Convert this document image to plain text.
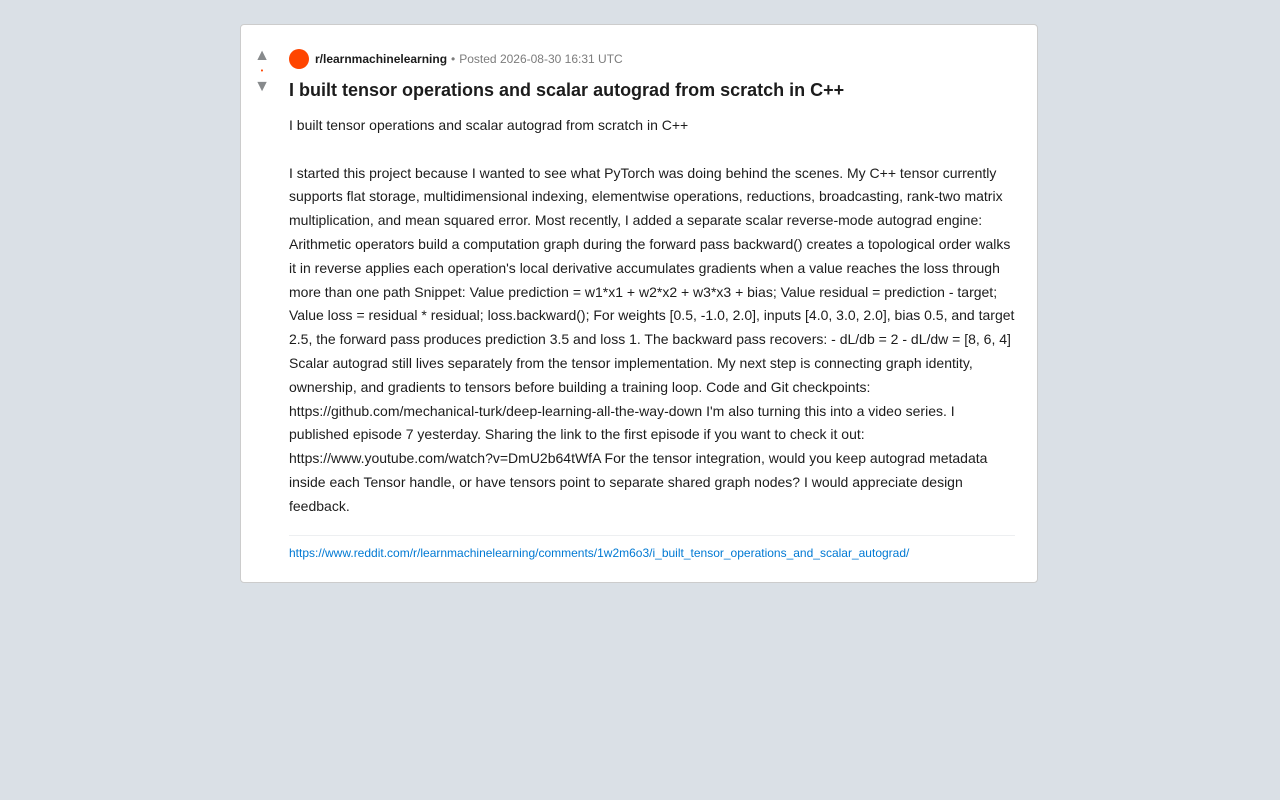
▲
•
▼
r/learnmachinelearning • Posted 2026-08-30 16:31 UTC
I built tensor operations and scalar autograd from scratch in C++

I built tensor operations and scalar autograd from scratch in C++

I started this project because I wanted to see what PyTorch was doing behind the scenes. My C++ tensor currently supports flat storage, multidimensional indexing, elementwise operations, reductions, broadcasting, rank-two matrix multiplication, and mean squared error. Most recently, I added a separate scalar reverse-mode autograd engine: Arithmetic operators build a computation graph during the forward pass backward() creates a topological order walks it in reverse applies each operation's local derivative accumulates gradients when a value reaches the loss through more than one path Snippet: Value prediction = w1*x1 + w2*x2 + w3*x3 + bias; Value residual = prediction - target; Value loss = residual * residual; loss.backward(); For weights [0.5, -1.0, 2.0], inputs [4.0, 3.0, 2.0], bias 0.5, and target 2.5, the forward pass produces prediction 3.5 and loss 1. The backward pass recovers: - dL/db = 2 - dL/dw = [8, 6, 4] Scalar autograd still lives separately from the tensor implementation. My next step is connecting graph identity, ownership, and gradients to tensors before building a training loop. Code and Git checkpoints: https://github.com/mechanical-turk/deep-learning-all-the-way-down I'm also turning this into a video series. I published episode 7 yesterday. Sharing the link to the first episode if you want to check it out: https://www.youtube.com/watch?v=DmU2b64tWfA For the tensor integration, would you keep autograd metadata inside each Tensor handle, or have tensors point to separate shared graph nodes? I would appreciate design feedback.

https://www.reddit.com/r/learnmachinelearning/comments/1w2m6o3/i_built_tensor_operations_and_scalar_autograd/
